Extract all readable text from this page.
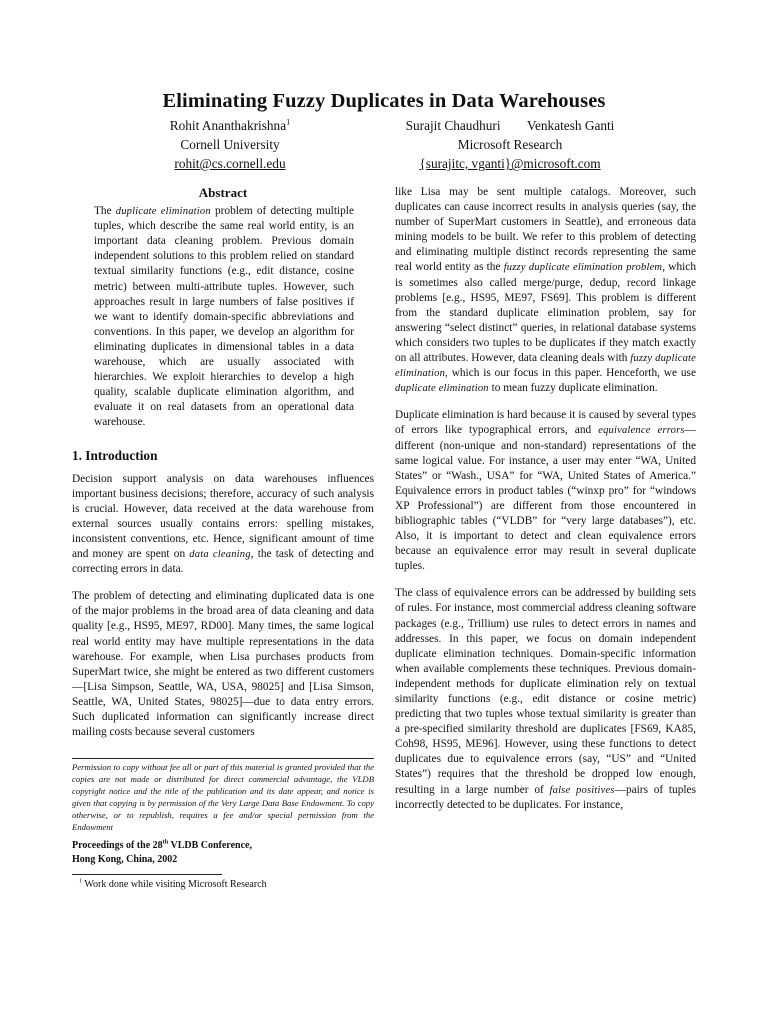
Eliminating Fuzzy Duplicates in Data Warehouses
Rohit Ananthakrishna$^1$
Cornell University
rohit@cs.cornell.edu
Surajit Chaudhuri        Venkatesh Ganti
Microsoft Research
{surajitc, vganti}@microsoft.com
Abstract

The duplicate elimination problem of detecting multiple tuples, which describe the same real world entity, is an important data cleaning problem. Previous domain independent solutions to this problem relied on standard textual similarity functions (e.g., edit distance, cosine metric) between multi-attribute tuples. However, such approaches result in large numbers of false positives if we want to identify domain-specific abbreviations and conventions. In this paper, we develop an algorithm for eliminating duplicates in dimensional tables in a data warehouse, which are usually associated with hierarchies. We exploit hierarchies to develop a high quality, scalable duplicate elimination algorithm, and evaluate it on real datasets from an operational data warehouse.

1. Introduction

Decision support analysis on data warehouses influences important business decisions; therefore, accuracy of such analysis is crucial. However, data received at the data warehouse from external sources usually contains errors: spelling mistakes, inconsistent conventions, etc. Hence, significant amount of time and money are spent on data cleaning, the task of detecting and correcting errors in data.

The problem of detecting and eliminating duplicated data is one of the major problems in the broad area of data cleaning and data quality [e.g., HS95, ME97, RD00]. Many times, the same logical real world entity may have multiple representations in the data warehouse. For example, when Lisa purchases products from SuperMart twice, she might be entered as two different customers—[Lisa Simpson, Seattle, WA, USA, 98025] and [Lisa Simson, Seattle, WA, United States, 98025]—due to data entry errors. Such duplicated information can significantly increase direct mailing costs because several customers

Permission to copy without fee all or part of this material is granted provided that the copies are not made or distributed for direct commercial advantage, the VLDB copyright notice and the title of the publication and its date appear, and notice is given that copying is by permission of the Very Large Data Base Endowment. To copy otherwise, or to republish, requires a fee and/or special permission from the Endowment
Proceedings of the 28th VLDB Conference,
Hong Kong, China, 2002
$^1$ Work done while visiting Microsoft Research

like Lisa may be sent multiple catalogs. Moreover, such duplicates can cause incorrect results in analysis queries (say, the number of SuperMart customers in Seattle), and erroneous data mining models to be built. We refer to this problem of detecting and eliminating multiple distinct records representing the same real world entity as the fuzzy duplicate elimination problem, which is sometimes also called merge/purge, dedup, record linkage problems [e.g., HS95, ME97, FS69]. This problem is different from the standard duplicate elimination problem, say for answering “select distinct” queries, in relational database systems which considers two tuples to be duplicates if they match exactly on all attributes. However, data cleaning deals with fuzzy duplicate elimination, which is our focus in this paper. Henceforth, we use duplicate elimination to mean fuzzy duplicate elimination.

Duplicate elimination is hard because it is caused by several types of errors like typographical errors, and equivalence errors—different (non-unique and non-standard) representations of the same logical value. For instance, a user may enter “WA, United States” or “Wash., USA” for “WA, United States of America.” Equivalence errors in product tables (“winxp pro” for “windows XP Professional”) are different from those encountered in bibliographic tables (“VLDB” for “very large databases”), etc. Also, it is important to detect and clean equivalence errors because an equivalence error may result in several duplicate tuples.

The class of equivalence errors can be addressed by building sets of rules. For instance, most commercial address cleaning software packages (e.g., Trillium) use rules to detect errors in names and addresses. In this paper, we focus on domain independent duplicate elimination techniques. Domain-specific information when available complements these techniques. Previous domain-independent methods for duplicate elimination rely on textual similarity functions (e.g., edit distance or cosine metric) predicting that two tuples whose textual similarity is greater than a pre-specified similarity threshold are duplicates [FS69, KA85, Coh98, HS95, ME96]. However, using these functions to detect duplicates due to equivalence errors (say, “US” and “United States”) requires that the threshold be dropped low enough, resulting in a large number of false positives—pairs of tuples incorrectly detected to be duplicates. For instance,
